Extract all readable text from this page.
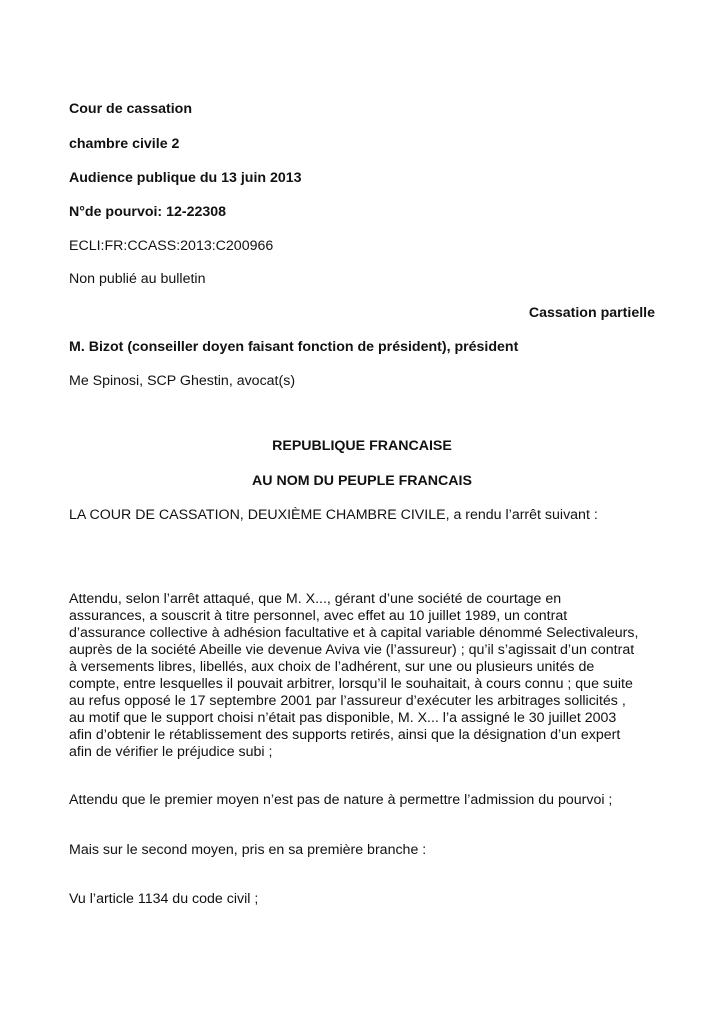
Cour de cassation
chambre civile 2
Audience publique du 13 juin 2013
N°de pourvoi: 12-22308
ECLI:FR:CCASS:2013:C200966
Non publié au bulletin
Cassation partielle
M. Bizot (conseiller doyen faisant fonction de président), président
Me Spinosi, SCP Ghestin, avocat(s)
REPUBLIQUE FRANCAISE
AU NOM DU PEUPLE FRANCAIS
LA COUR DE CASSATION, DEUXIÈME CHAMBRE CIVILE, a rendu l’arrêt suivant :
Attendu, selon l’arrêt attaqué, que M. X..., gérant d’une société de courtage en
assurances, a souscrit à titre personnel, avec effet au 10 juillet 1989, un contrat
d’assurance collective à adhésion facultative et à capital variable dénommé Selectivaleurs,
auprès de la société Abeille vie devenue Aviva vie (l’assureur) ; qu’il s’agissait d’un contrat
à versements libres, libellés, aux choix de l’adhérent, sur une ou plusieurs unités de
compte, entre lesquelles il pouvait arbitrer, lorsqu’il le souhaitait, à cours connu ; que suite
au refus opposé le 17 septembre 2001 par l’assureur d’exécuter les arbitrages sollicités ,
au motif que le support choisi n’était pas disponible, M. X... l’a assigné le 30 juillet 2003
afin d’obtenir le rétablissement des supports retirés, ainsi que la désignation d’un expert
afin de vérifier le préjudice subi ;
Attendu que le premier moyen n’est pas de nature à permettre l’admission du pourvoi ;
Mais sur le second moyen, pris en sa première branche :
Vu l’article 1134 du code civil ;
